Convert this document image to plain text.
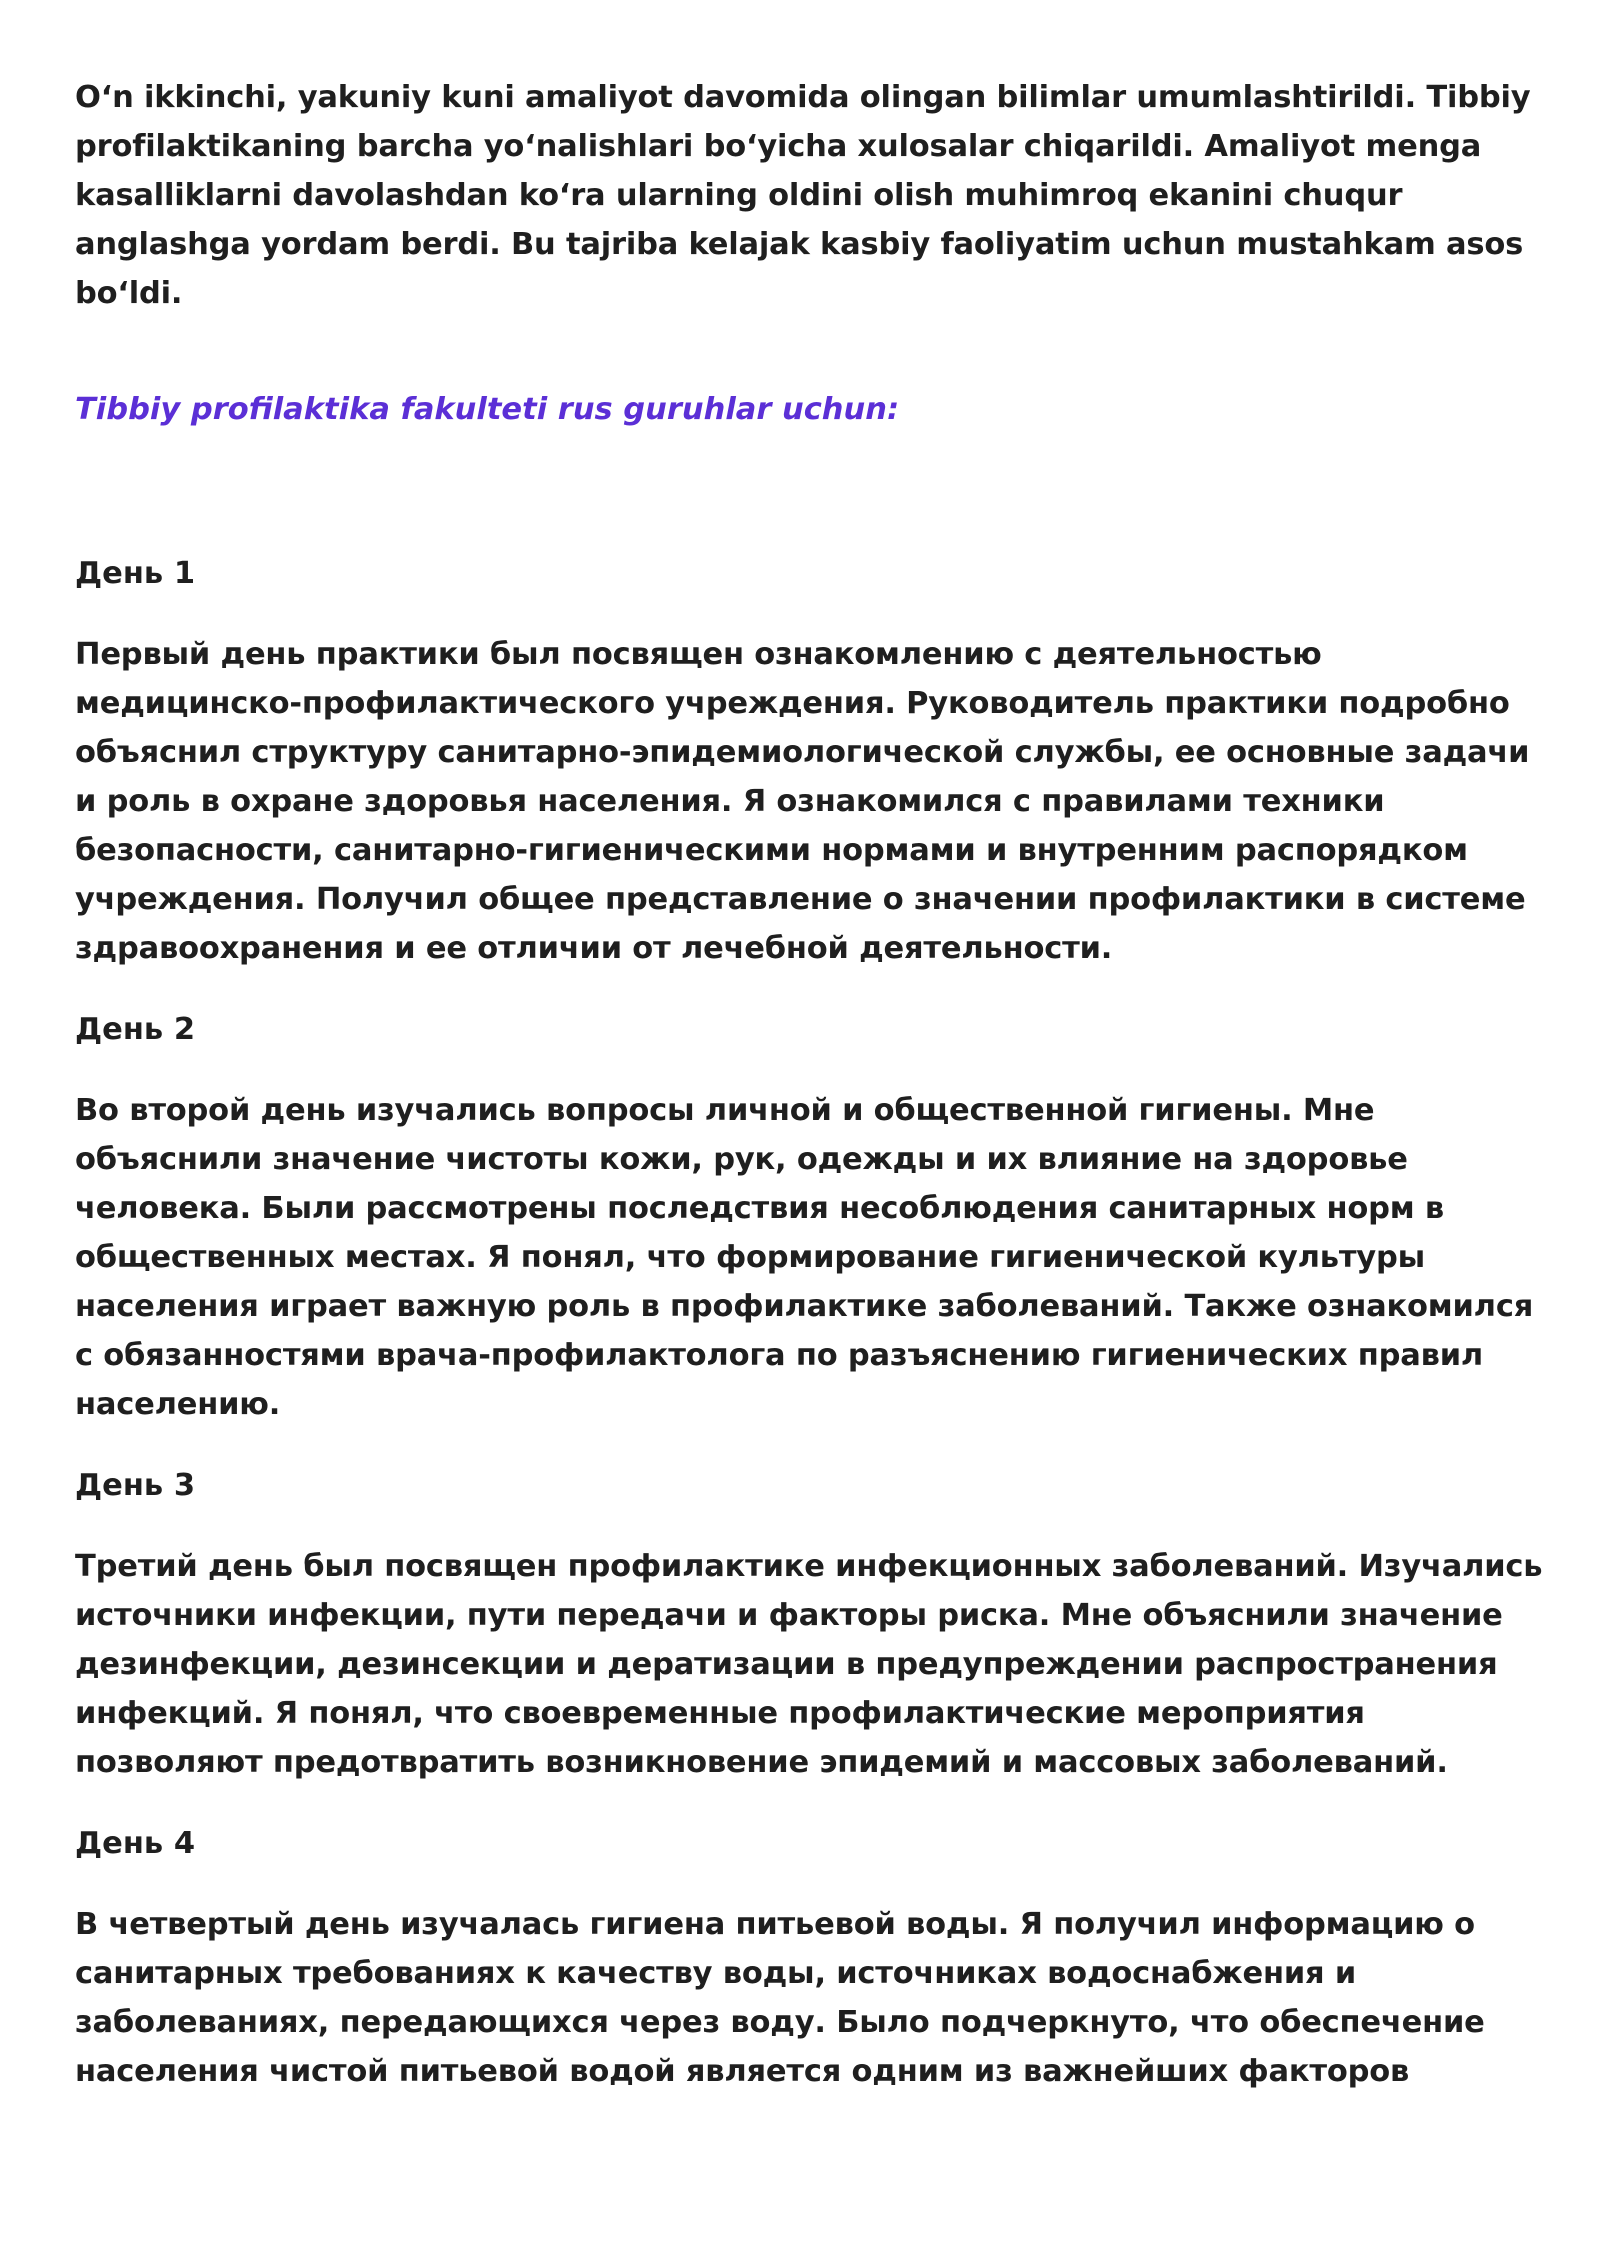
O‘n ikkinchi, yakuniy kuni amaliyot davomida olingan bilimlar umumlashtirildi. Tibbiy profilaktikaning barcha yo‘nalishlari bo‘yicha xulosalar chiqarildi. Amaliyot menga kasalliklarni davolashdan ko‘ra ularning oldini olish muhimroq ekanini chuqur anglashga yordam berdi. Bu tajriba kelajak kasbiy faoliyatim uchun mustahkam asos bo‘ldi.

Tibbiy profilaktika fakulteti rus guruhlar uchun:

День 1

Первый день практики был посвящен ознакомлению с деятельностью медицинско-профилактического учреждения. Руководитель практики подробно объяснил структуру санитарно-эпидемиологической службы, ее основные задачи и роль в охране здоровья населения. Я ознакомился с правилами техники безопасности, санитарно-гигиеническими нормами и внутренним распорядком учреждения. Получил общее представление о значении профилактики в системе здравоохранения и ее отличии от лечебной деятельности.

День 2

Во второй день изучались вопросы личной и общественной гигиены. Мне объяснили значение чистоты кожи, рук, одежды и их влияние на здоровье человека. Были рассмотрены последствия несоблюдения санитарных норм в общественных местах. Я понял, что формирование гигиенической культуры населения играет важную роль в профилактике заболеваний. Также ознакомился с обязанностями врача-профилактолога по разъяснению гигиенических правил населению.

День 3

Третий день был посвящен профилактике инфекционных заболеваний. Изучались источники инфекции, пути передачи и факторы риска. Мне объяснили значение дезинфекции, дезинсекции и дератизации в предупреждении распространения инфекций. Я понял, что своевременные профилактические мероприятия позволяют предотвратить возникновение эпидемий и массовых заболеваний.

День 4

В четвертый день изучалась гигиена питьевой воды. Я получил информацию о санитарных требованиях к качеству воды, источниках водоснабжения и заболеваниях, передающихся через воду. Было подчеркнуто, что обеспечение населения чистой питьевой водой является одним из важнейших факторов
